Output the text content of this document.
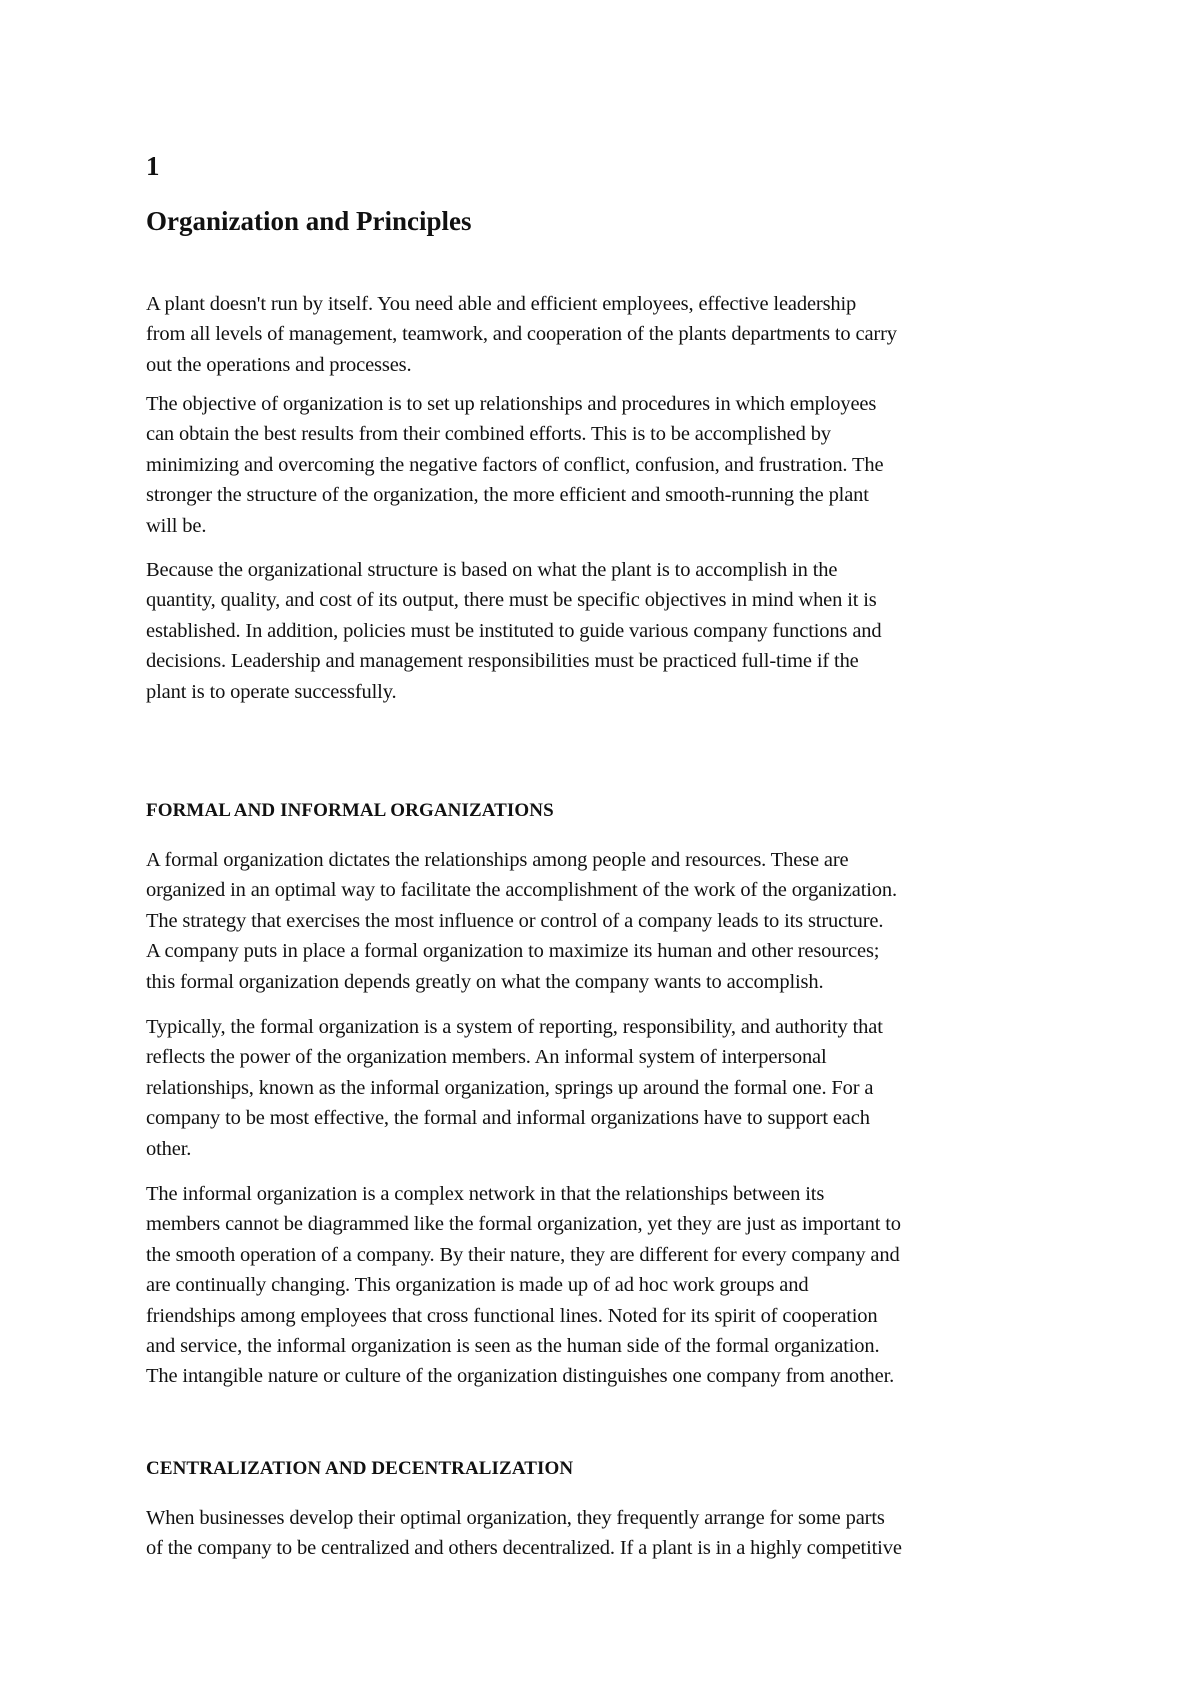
1
Organization and Principles

A plant doesn't run by itself. You need able and efficient employees, effective leadership
from all levels of management, teamwork, and cooperation of the plants departments to carry
out the operations and processes.

The objective of organization is to set up relationships and procedures in which employees
can obtain the best results from their combined efforts. This is to be accomplished by
minimizing and overcoming the negative factors of conflict, confusion, and frustration. The
stronger the structure of the organization, the more efficient and smooth-running the plant
will be.

Because the organizational structure is based on what the plant is to accomplish in the
quantity, quality, and cost of its output, there must be specific objectives in mind when it is
established. In addition, policies must be instituted to guide various company functions and
decisions. Leadership and management responsibilities must be practiced full-time if the
plant is to operate successfully.

FORMAL AND INFORMAL ORGANIZATIONS

A formal organization dictates the relationships among people and resources. These are
organized in an optimal way to facilitate the accomplishment of the work of the organization.
The strategy that exercises the most influence or control of a company leads to its structure.
A company puts in place a formal organization to maximize its human and other resources;
this formal organization depends greatly on what the company wants to accomplish.

Typically, the formal organization is a system of reporting, responsibility, and authority that
reflects the power of the organization members. An informal system of interpersonal
relationships, known as the informal organization, springs up around the formal one. For a
company to be most effective, the formal and informal organizations have to support each
other.

The informal organization is a complex network in that the relationships between its
members cannot be diagrammed like the formal organization, yet they are just as important to
the smooth operation of a company. By their nature, they are different for every company and
are continually changing. This organization is made up of ad hoc work groups and
friendships among employees that cross functional lines. Noted for its spirit of cooperation
and service, the informal organization is seen as the human side of the formal organization.
The intangible nature or culture of the organization distinguishes one company from another.

CENTRALIZATION AND DECENTRALIZATION

When businesses develop their optimal organization, they frequently arrange for some parts
of the company to be centralized and others decentralized. If a plant is in a highly competitive
